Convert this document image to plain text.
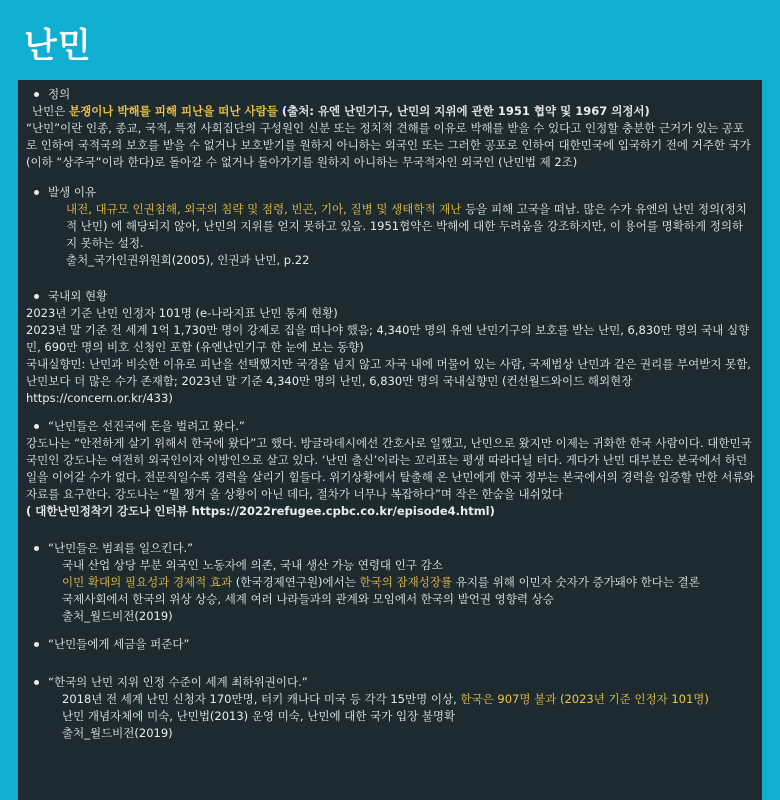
난민
정의
난민은 분쟁이나 박해를 피해 피난을 떠난 사람들 (출처: 유엔 난민기구, 난민의 지위에 관한 1951 협약 및 1967 의정서)
“난민”이란 인종, 종교, 국적, 특정 사회집단의 구성원인 신분 또는 정치적 견해를 이유로 박해를 받을 수 있다고 인정할 충분한 근거가 있는 공포로 인하여 국적국의 보호를 받을 수 없거나 보호받기를 원하지 아니하는 외국인 또는 그러한 공포로 인하여 대한민국에 입국하기 전에 거주한 국가(이하 “상주국”이라 한다)로 돌아갈 수 없거나 돌아가기를 원하지 아니하는 무국적자인 외국인 (난민법 제 2조)
발생 이유
내전, 대규모 인권침해, 외국의 침략 및 점령, 빈곤, 기아, 질병 및 생태학적 재난 등을 피해 고국을 떠남. 많은 수가 유엔의 난민 정의(정치적 난민) 에 해당되지 않아, 난민의 지위를 얻지 못하고 있음. 1951협약은 박해에 대한 두려움을 강조하지만, 이 용어를 명확하게 정의하지 못하는 설정.
출처_국가인권위원회(2005), 인권과 난민, p.22
국내외 현황
2023년 기준 난민 인정자 101명 (e-나라지표 난민 통계 현황)
2023년 말 기준 전 세계 1억 1,730만 명이 강제로 집을 떠나야 했음; 4,340만 명의 유엔 난민기구의 보호를 받는 난민, 6,830만 명의 국내 실향민, 690만 명의 비호 신청인 포함 (유엔난민기구 한 눈에 보는 동향)
국내실향민: 난민과 비슷한 이유로 피난을 선택했지만 국경을 넘지 않고 자국 내에 머물어 있는 사람, 국제법상 난민과 같은 권리를 부여받지 못함, 난민보다 더 많은 수가 존재함; 2023년 말 기준 4,340만 명의 난민, 6,830만 명의 국내실향민 (컨선월드와이드 해외현장
https://concern.or.kr/433)
“난민들은 선진국에 돈을 벌려고 왔다.”
강도나는 “안전하게 살기 위해서 한국에 왔다”고 했다. 방글라데시에선 간호사로 일했고, 난민으로 왔지만 이제는 귀화한 한국 사람이다. 대한민국 국민인 강도나는 여전히 외국인이자 이방인으로 살고 있다. ‘난민 출신’이라는 꼬리표는 평생 따라다닐 터다. 게다가 난민 대부분은 본국에서 하던 일을 이어갈 수가 없다. 전문직일수록 경력을 살리기 힘들다. 위기상황에서 탈출해 온 난민에게 한국 정부는 본국에서의 경력을 입증할 만한 서류와 자료를 요구한다. 강도나는 “뭘 챙겨 올 상황이 아닌 데다, 절차가 너무나 복잡하다”며 작은 한숨을 내쉬었다
( 대한난민정착기 강도나 인터뷰 https://2022refugee.cpbc.co.kr/episode4.html)
“난민들은 범죄를 일으킨다.”
국내 산업 상당 부분 외국인 노동자에 의존, 국내 생산 가능 연령대 인구 감소
이민 확대의 필요성과 경제적 효과 (한국경제연구원)에서는 한국의 잠재성장률 유지를 위해 이민자 숫자가 증가돼야 한다는 결론
국제사회에서 한국의 위상 상승, 세계 여러 나라들과의 관계와 모임에서 한국의 발언권 영향력 상승
출처_월드비전(2019)
“난민들에게 세금을 퍼준다”
“한국의 난민 지위 인정 수준이 세계 최하위권이다.”
2018년 전 세계 난민 신청자 170만명, 터키 캐나다 미국 등 각각 15만명 이상, 한국은 907명 불과 (2023년 기준 인정자 101명)
난민 개념자체에 미숙, 난민법(2013) 운영 미숙, 난민에 대한 국가 입장 불명확
출처_월드비전(2019)
